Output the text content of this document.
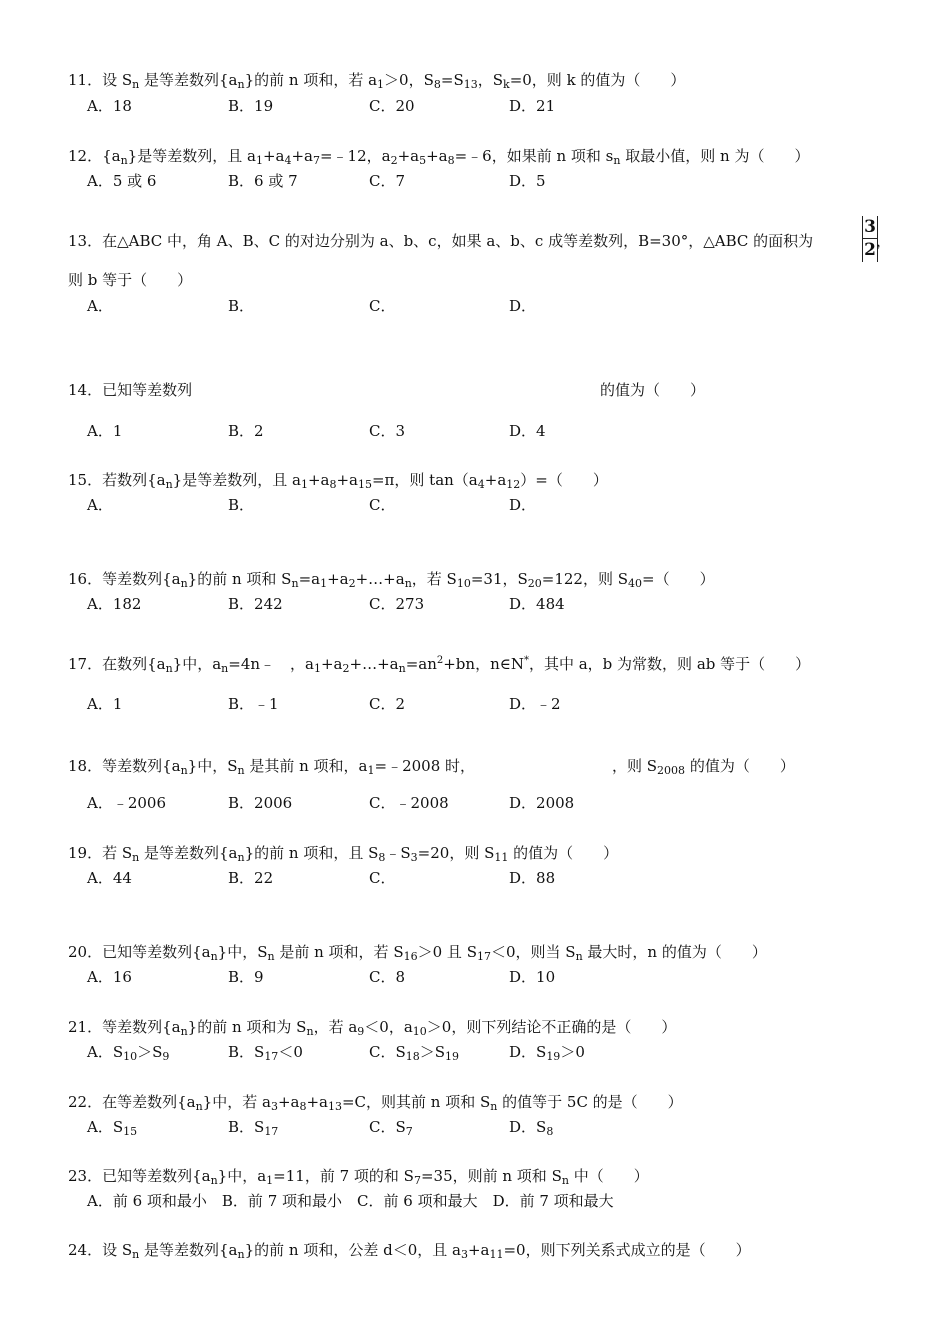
11．设 $S_n$ 是等差数列$\{a_n\}$的前 n 项和，若 $a_1>0$，$S_8=S_{13}$，$S_k=0$，则 k 的值为（　　）
A．18	B．19	C．20	D．21
12．$\{a_n\}$是等差数列，且 $a_1+a_4+a_7=﹣12$，$a_2+a_5+a_8=﹣6$，如果前 n 项和 $s_n$ 取最小值，则 n 为（　　）
A．5 或 6	B．6 或 7	C．7	D．5
13．在△ABC 中，角 A、B、C 的对边分别为 a、b、c，如果 a、b、c 成等差数列，B=30°，△ABC 的面积为	$\frac{3}{2}$
，
则 b 等于（　　）
A．	B．	C．	D．
14．已知等差数列	的值为（　　）
A．1	B．2	C．3	D．4
15．若数列$\{a_n\}$是等差数列，且 $a_1+a_8+a_{15}=\pi$，则 $\tan(a_4+a_{12})=$（　　）
A．	B．	C．	D．
16．等差数列$\{a_n\}$的前 n 项和 $S_n=a_1+a_2+\dots+a_n$，若 $S_{10}=31$，$S_{20}=122$，则 $S_{40}=$（　　）
A．182	B．242	C．273	D．484
17．在数列$\{a_n\}$中，$a_n=4n﹣$　，$a_1+a_2+\dots+a_n=an^2+bn$，n∈N*，其中 a，b 为常数，则 ab 等于（　　）
A．1	B．﹣1	C．2	D．﹣2
18．等差数列$\{a_n\}$中，$S_n$ 是其前 n 项和，$a_1=﹣2008$ 时，	，则 $S_{2008}$ 的值为（　　）
A．﹣2006	B．2006	C．﹣2008	D．2008
19．若 $S_n$ 是等差数列$\{a_n\}$的前 n 项和，且 $S_8﹣S_3=20$，则 $S_{11}$ 的值为（　　）
A．44	B．22	C．	D．88
20．已知等差数列$\{a_n\}$中，$S_n$ 是前 n 项和，若 $S_{16}>0$ 且 $S_{17}<0$，则当 $S_n$ 最大时，n 的值为（　　）
A．16	B．9	C．8	D．10
21．等差数列$\{a_n\}$的前 n 项和为 $S_n$，若 $a_9<0$，$a_{10}>0$，则下列结论不正确的是（　　）
A．$S_{10}>S_9$	B．$S_{17}<0$	C．$S_{18}>S_{19}$	D．$S_{19}>0$
22．在等差数列$\{a_n\}$中，若 $a_3+a_8+a_{13}=C$，则其前 n 项和 $S_n$ 的值等于 5C 的是（　　）
A．$S_{15}$	B．$S_{17}$	C．$S_7$	D．$S_8$
23．已知等差数列$\{a_n\}$中，$a_1=11$，前 7 项的和 $S_7=35$，则前 n 项和 $S_n$ 中（　　）
A．前 6 项和最小　B．前 7 项和最小　C．前 6 项和最大　D．前 7 项和最大
24．设 $S_n$ 是等差数列$\{a_n\}$的前 n 项和，公差 d＜0，且 $a_3+a_{11}=0$，则下列关系式成立的是（　　）
